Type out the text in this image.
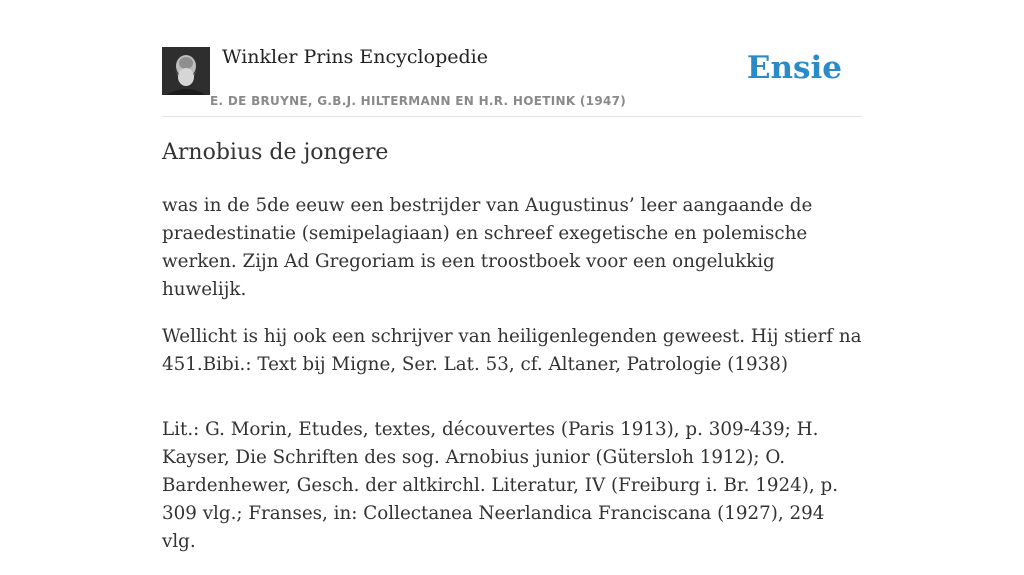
Winkler Prins Encyclopedie
E. DE BRUYNE, G.B.J. HILTERMANN EN H.R. HOETINK (1947)
Ensie
Arnobius de jongere

was in de 5de eeuw een bestrijder van Augustinus’ leer aangaande de praedestinatie (semipelagiaan) en schreef exegetische en polemische werken. Zijn Ad Gregoriam is een troostboek voor een ongelukkig huwelijk.

Wellicht is hij ook een schrijver van heiligenlegenden geweest. Hij stierf na 451.Bibi.: Text bij Migne, Ser. Lat. 53, cf. Altaner, Patrologie (1938)

Lit.: G. Morin, Etudes, textes, découvertes (Paris 1913), p. 309-439; H. Kayser, Die Schriften des sog. Arnobius junior (Gütersloh 1912); O. Bardenhewer, Gesch. der altkirchl. Literatur, IV (Freiburg i. Br. 1924), p. 309 vlg.; Franses, in: Collectanea Neerlandica Franciscana (1927), 294 vlg.
